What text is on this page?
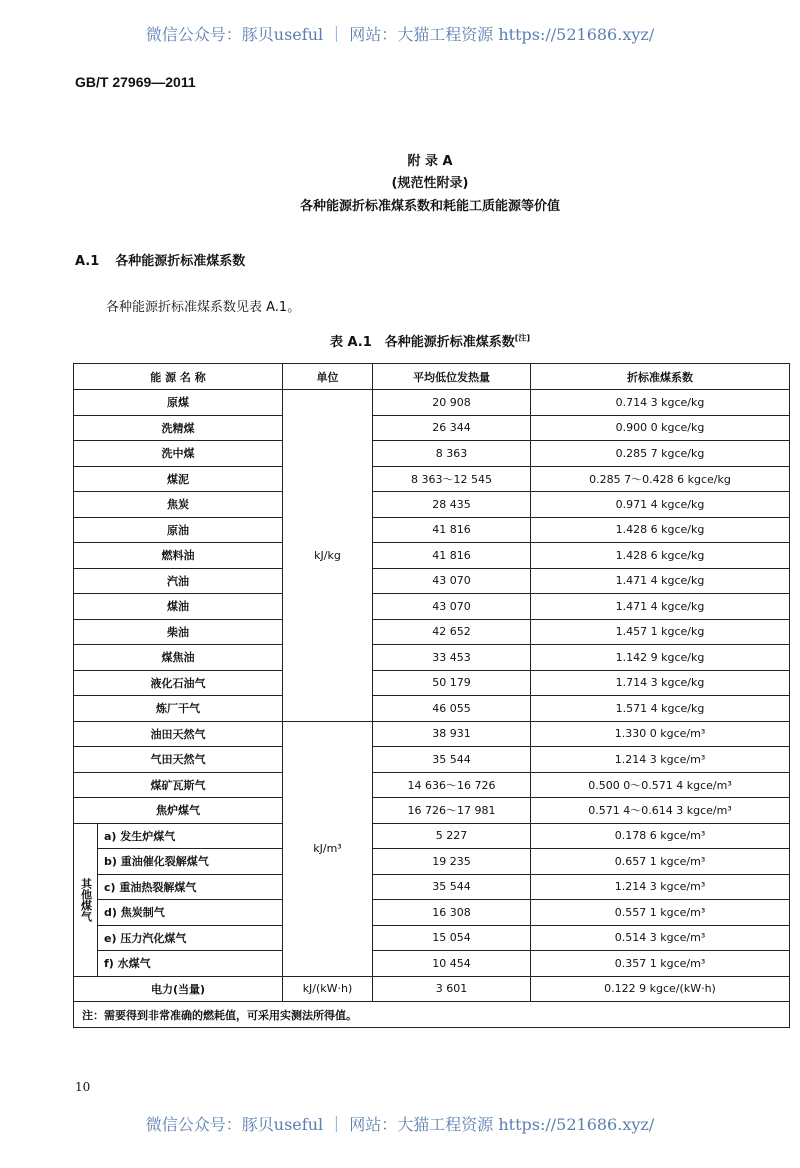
微信公众号：豚贝useful ｜ 网站：大猫工程资源 https://521686.xyz/
GB/T 27969—2011
附 录 A
(规范性附录)
各种能源折标准煤系数和耗能工质能源等价值
A.1 各种能源折标准煤系数
各种能源折标准煤系数见表 A.1。
表 A.1　各种能源折标准煤系数[注]
能 源 名 称		单位	平均低位发热量	折标准煤系数
原煤		kJ/kg	20 908	0.714 3 kgce/kg
洗精煤			26 344	0.900 0 kgce/kg
洗中煤			8 363	0.285 7 kgce/kg
煤泥			8 363～12 545	0.285 7～0.428 6 kgce/kg
焦炭			28 435	0.971 4 kgce/kg
原油			41 816	1.428 6 kgce/kg
燃料油			41 816	1.428 6 kgce/kg
汽油			43 070	1.471 4 kgce/kg
煤油			43 070	1.471 4 kgce/kg
柴油			42 652	1.457 1 kgce/kg
煤焦油			33 453	1.142 9 kgce/kg
液化石油气			50 179	1.714 3 kgce/kg
炼厂干气			46 055	1.571 4 kgce/kg
油田天然气		kJ/m³	38 931	1.330 0 kgce/m³
气田天然气			35 544	1.214 3 kgce/m³
煤矿瓦斯气			14 636～16 726	0.500 0～0.571 4 kgce/m³
焦炉煤气			16 726～17 981	0.571 4～0.614 3 kgce/m³
其他煤气	a) 发生炉煤气		5 227	0.178 6 kgce/m³
	b) 重油催化裂解煤气		19 235	0.657 1 kgce/m³
	c) 重油热裂解煤气		35 544	1.214 3 kgce/m³
	d) 焦炭制气		16 308	0.557 1 kgce/m³
	e) 压力汽化煤气		15 054	0.514 3 kgce/m³
	f) 水煤气		10 454	0.357 1 kgce/m³
电力(当量)		kJ/(kW·h)	3 601	0.122 9 kgce/(kW·h)
注：需要得到非常准确的燃耗值，可采用实测法所得值。				
10
微信公众号：豚贝useful ｜ 网站：大猫工程资源 https://521686.xyz/
